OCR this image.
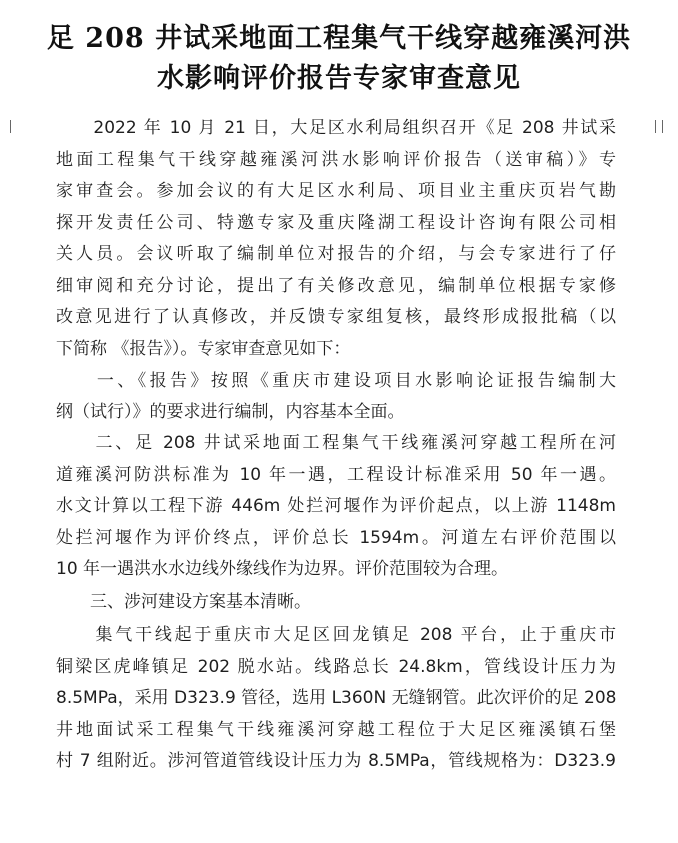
足 208 井试采地面工程集气干线穿越雍溪河洪
水影响评价报告专家审查意见
　　2022 年 10 月 21 日，大足区水利局组织召开《足 208 井试采
地面工程集气干线穿越雍溪河洪水影响评价报告（送审稿）》专
家审查会。参加会议的有大足区水利局、项目业主重庆页岩气勘
探开发责任公司、特邀专家及重庆隆湖工程设计咨询有限公司相
关人员。会议听取了编制单位对报告的介绍，与会专家进行了仔
细审阅和充分讨论，提出了有关修改意见，编制单位根据专家修
改意见进行了认真修改，并反馈专家组复核，最终形成报批稿（以
下简称 《报告》）。专家审查意见如下：
　　一、《报告》按照《重庆市建设项目水影响论证报告编制大
纲（试行）》的要求进行编制，内容基本全面。
　　二、足 208 井试采地面工程集气干线雍溪河穿越工程所在河
道雍溪河防洪标准为 10 年一遇，工程设计标准采用 50 年一遇。
水文计算以工程下游 446m 处拦河堰作为评价起点，以上游 1148m
处拦河堰作为评价终点，评价总长 1594m。河道左右评价范围以
10 年一遇洪水水边线外缘线作为边界。评价范围较为合理。
　　三、涉河建设方案基本清晰。
　　集气干线起于重庆市大足区回龙镇足 208 平台，止于重庆市
铜梁区虎峰镇足 202 脱水站。线路总长 24.8km，管线设计压力为
8.5MPa，采用 D323.9 管径，选用 L360N 无缝钢管。此次评价的足 208
井地面试采工程集气干线雍溪河穿越工程位于大足区雍溪镇石堡
村 7 组附近。涉河管道管线设计压力为 8.5MPa，管线规格为：D323.9
